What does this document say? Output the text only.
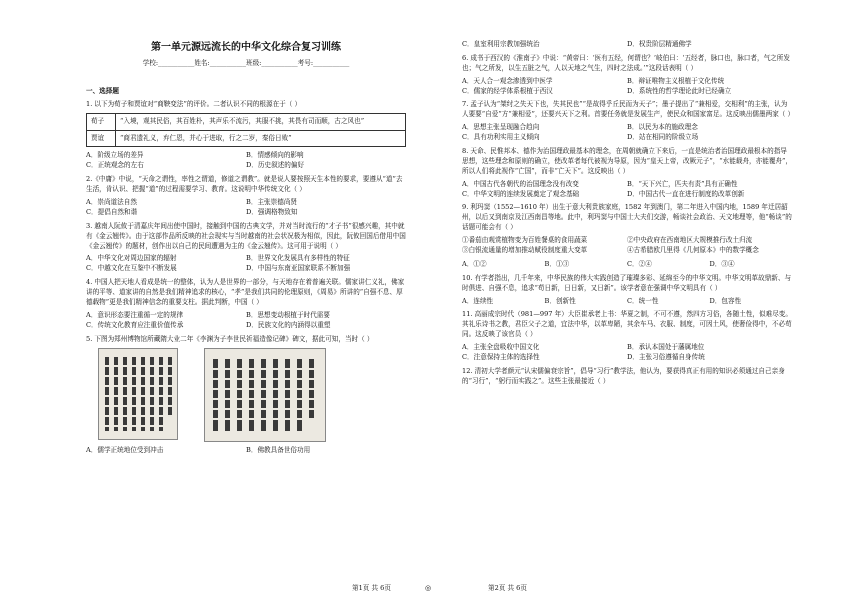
第一单元源远流长的中华文化综合复习训练
学校:___________姓名:___________班级:___________考号:___________
一、选择题

1. 以下为荀子和贾谊对“商鞅变法”的评价。二者认识不同的根源在于（ ）

荀子	“入境，观其民俗，其百姓朴，其声乐不流污，其服不挑，其畏有司而顺，古之风也”
贾谊	“商君遗礼义，弃仁恩，并心于进取，行之二岁，秦俗日败”
A．阶级立场的差异	B．情感倾向的影响
C．正统观念的左右	D．历史叙述的偏好

2.《中庸》中说，“天命之谓性，率性之谓道，修道之谓教”。就是说人要按照天生本性的要求，要遵从“道”去生活，肯认识、把握“道”的过程需要学习、教育。这说明中华传统文化（ ）

A．崇尚道法自然	B．主张崇德尚贤
C．提倡自然和谐	D．强调格物致知

3. 越南人阮攸于清嘉庆年间出使中国时，接触到中国的古典文学，并对当时流行的“才子书”很感兴趣，其中就有《金云翘传》。由于这部作品所反映的社会现实与当时越南的社会状况极为相似，因此，阮攸回国后借用中国《金云翘传》的题材，创作出以自己的民间遭遇为主的《金云翘传》。这可用于说明（ ）

A．中华文化对周边国家的辐射	B．世界文化发展具有多样性的特征
C．中越文化在互鉴中不断发展	D．中国与东南亚国家联系不断加强

4. 中国人把天地人看成是统一的整体，认为人是世界的一部分，与天地存在着普遍关联。儒家讲仁义礼，佛家讲的平等、道家讲的自然是我们精神追求的核心，“孝”是我们共同的伦理原则，《周易》所讲的“自强不息、厚德载物”更是我们精神信念的重要支柱。据此判断，中国（ ）

A．意识形态要注重循一定的规律	B．思想变动根植于时代需要
C．传统文化教育应注重价值传承	D．民族文化的内涵得以重塑

5. 下图为郑州博物馆所藏隋大业二年《李渊为子李世民祈福造像记碑》碑文，据此可知，当时（ ）

A．儒学正统地位受到冲击	B．佛教具备世俗功用
C．皇室利用宗教加强统治	D．权贵阶层精通佛学

6. 成书于西汉的《淮南子》中说：“黄帝曰：‘医有五经，何谓也？’岐伯曰：‘五经者，脉口也，脉口者，气之所发也；气之所发，以生五脏之气，人以天地之气生，四时之法成。’”这段话表明（ ）

A．天人合一观念渗透到中医学	B．辩证唯物主义根植于文化传统
C．儒家的经学体系根植于西汉	D．系统性的哲学理论此时已经确立

7. 孟子认为“桀纣之失天下也，失其民也”“是故得乎丘民而为天子”；墨子提出了“兼相爱，交相利”的主张，认为人要要“自爱”方“兼相爱”，还要兴天下之利。首要任务就是发展生产，使民众和国家富足。这反映出儒墨两家（ ）

A．思想主张呈现融合趋向	B．以民为本的施政理念
C．具有功利实用主义倾向	D．站在相同的阶级立场

8. 天命、民惟邦本、德作为治国理政最基本的理念，在周朝就确立下来后，一直是统治者治国理政最根本的指导思想，这些理念和原则的确立，使改革者每代被视为导原，因为“皇天上帝，改厥元子”，“水能载舟，亦能覆舟”，所以人们将此视作“亡国”，而非“亡天下”。这反映出（ ）

A．中国古代各朝代的治国理念没有改变	B．“天下兴亡，匹夫有责”具有正确性
C．中华文明的连续发展奠定了观念基础	D．中国古代一直在进行制度的改革创新

9. 利玛窦（1552—1610 年）出生于意大利贵族家庭，1582 年到澳门，第二年进入中国内地，1589 年迁居韶州，以后又到南京及江西南昌等地。此中，利玛窦与中国士大夫们交游，畅谈社会政治、天文地理等，他“畅谈”的话题可能会有（ ）

①番茄由观赏植物变为百姓餐桌的食用蔬菜	②中央政府在西南地区大规模推行改土归流
③白银流通量的增加推动赋役制度重大变革	④古希腊欧几里得《几何原本》中的数学概念
A．①②	B．①③	C．②④	D．③④

10. 有学者指出，几千年来，中华民族的伟大实践创造了璀璨多彩、延绵至今的中华文明。中华文明革故鼎新、与时俱进、自强不息，追求“苟日新，日日新，又日新”。该学者意在强调中华文明具有（ ）

A．连续性	B．创新性	C．统一性	D．包容性

11. 高丽成宗时代（981—997 年）大臣崔承老上书：华夏之制，不可不遵，然四方习俗，各随土性，似难尽变。其礼乐诗书之教，君臣父子之道，宜法中华，以革卑陋，其余车马、衣服、制度，可因土风，使奢俭得中，不必苟同。这反映了该官员（ ）

A．主张全盘吸收中国文化	B．承认本国处于藩属地位
C．注意保持主体的选择性	D．主张习俗遵循自身传统

12. 清初大学者颜元“认宋儒偏衰宗旨”，倡导“习行”教学法，他认为，要获得真正有用的知识必须通过自己亲身的“习行”，“躬行而实践之”。这些主张最接近（ ）

第1页 共 6页	◎	第2页 共 6页
